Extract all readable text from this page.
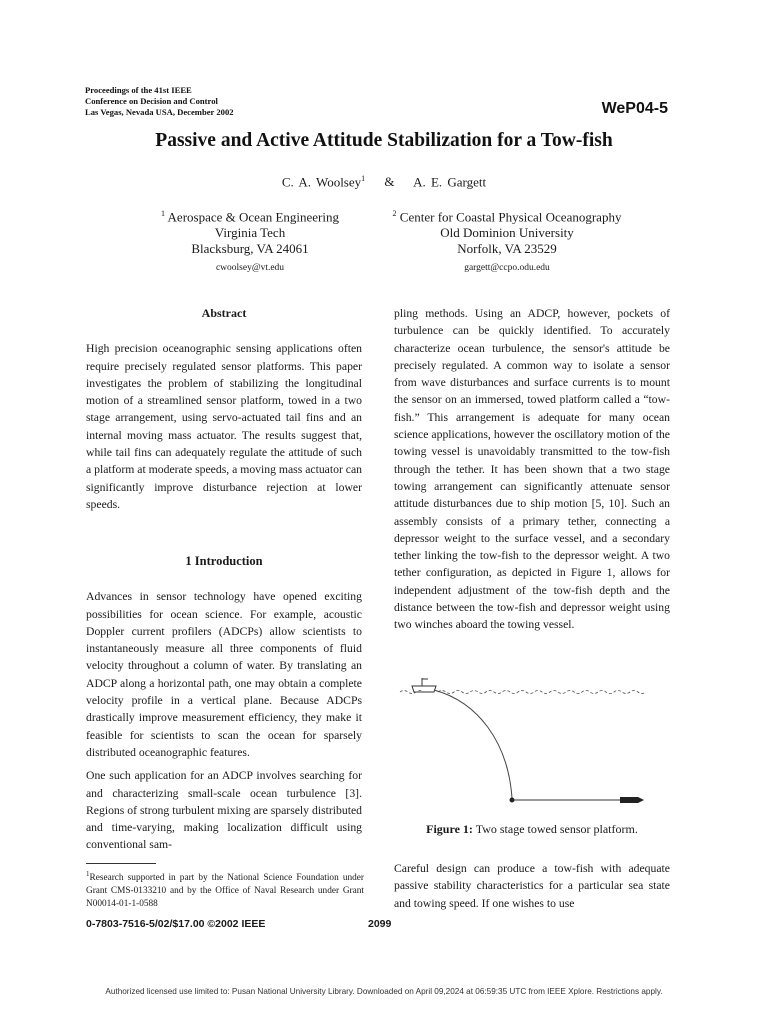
Proceedings of the 41st IEEE
Conference on Decision and Control
Las Vegas, Nevada USA, December 2002	WeP04-5
Passive and Active Attitude Stabilization for a Tow-fish
C. A. Woolsey$^1$ & A. E. Gargett
$^1$ Aerospace & Ocean Engineering
Virginia Tech
Blacksburg, VA 24061
cwoolsey@vt.edu
$^2$ Center for Coastal Physical Oceanography
Old Dominion University
Norfolk, VA 23529
gargett@ccpo.odu.edu
Abstract

High precision oceanographic sensing applications often require precisely regulated sensor platforms. This paper investigates the problem of stabilizing the longitudinal motion of a streamlined sensor platform, towed in a two stage arrangement, using servo-actuated tail fins and an internal moving mass actuator. The results suggest that, while tail fins can adequately regulate the attitude of such a platform at moderate speeds, a moving mass actuator can significantly improve disturbance rejection at lower speeds.

1 Introduction

Advances in sensor technology have opened exciting possibilities for ocean science. For example, acoustic Doppler current profilers (ADCPs) allow scientists to instantaneously measure all three components of fluid velocity throughout a column of water. By translating an ADCP along a horizontal path, one may obtain a complete velocity profile in a vertical plane. Because ADCPs drastically improve measurement efficiency, they make it feasible for scientists to scan the ocean for sparsely distributed oceanographic features.

One such application for an ADCP involves searching for and characterizing small-scale ocean turbulence [3]. Regions of strong turbulent mixing are sparsely distributed and time-varying, making localization difficult using conventional sam-

$^1$Research supported in part by the National Science Foundation under Grant CMS-0133210 and by the Office of Naval Research under Grant N00014-01-1-0588

pling methods. Using an ADCP, however, pockets of turbulence can be quickly identified. To accurately characterize ocean turbulence, the sensor's attitude be precisely regulated. A common way to isolate a sensor from wave disturbances and surface currents is to mount the sensor on an immersed, towed platform called a “tow-fish.” This arrangement is adequate for many ocean science applications, however the oscillatory motion of the towing vessel is unavoidably transmitted to the tow-fish through the tether. It has been shown that a two stage towing arrangement can significantly attenuate sensor attitude disturbances due to ship motion [5, 10]. Such an assembly consists of a primary tether, connecting a depressor weight to the surface vessel, and a secondary tether linking the tow-fish to the depressor weight. A two tether configuration, as depicted in Figure 1, allows for independent adjustment of the tow-fish depth and the distance between the tow-fish and depressor weight using two winches aboard the towing vessel.

Figure 1: Two stage towed sensor platform.

Careful design can produce a tow-fish with adequate passive stability characteristics for a particular sea state and towing speed. If one wishes to use

0-7803-7516-5/02/$17.00 ©2002 IEEE	2099
Authorized licensed use limited to: Pusan National University Library. Downloaded on April 09,2024 at 06:59:35 UTC from IEEE Xplore. Restrictions apply.
